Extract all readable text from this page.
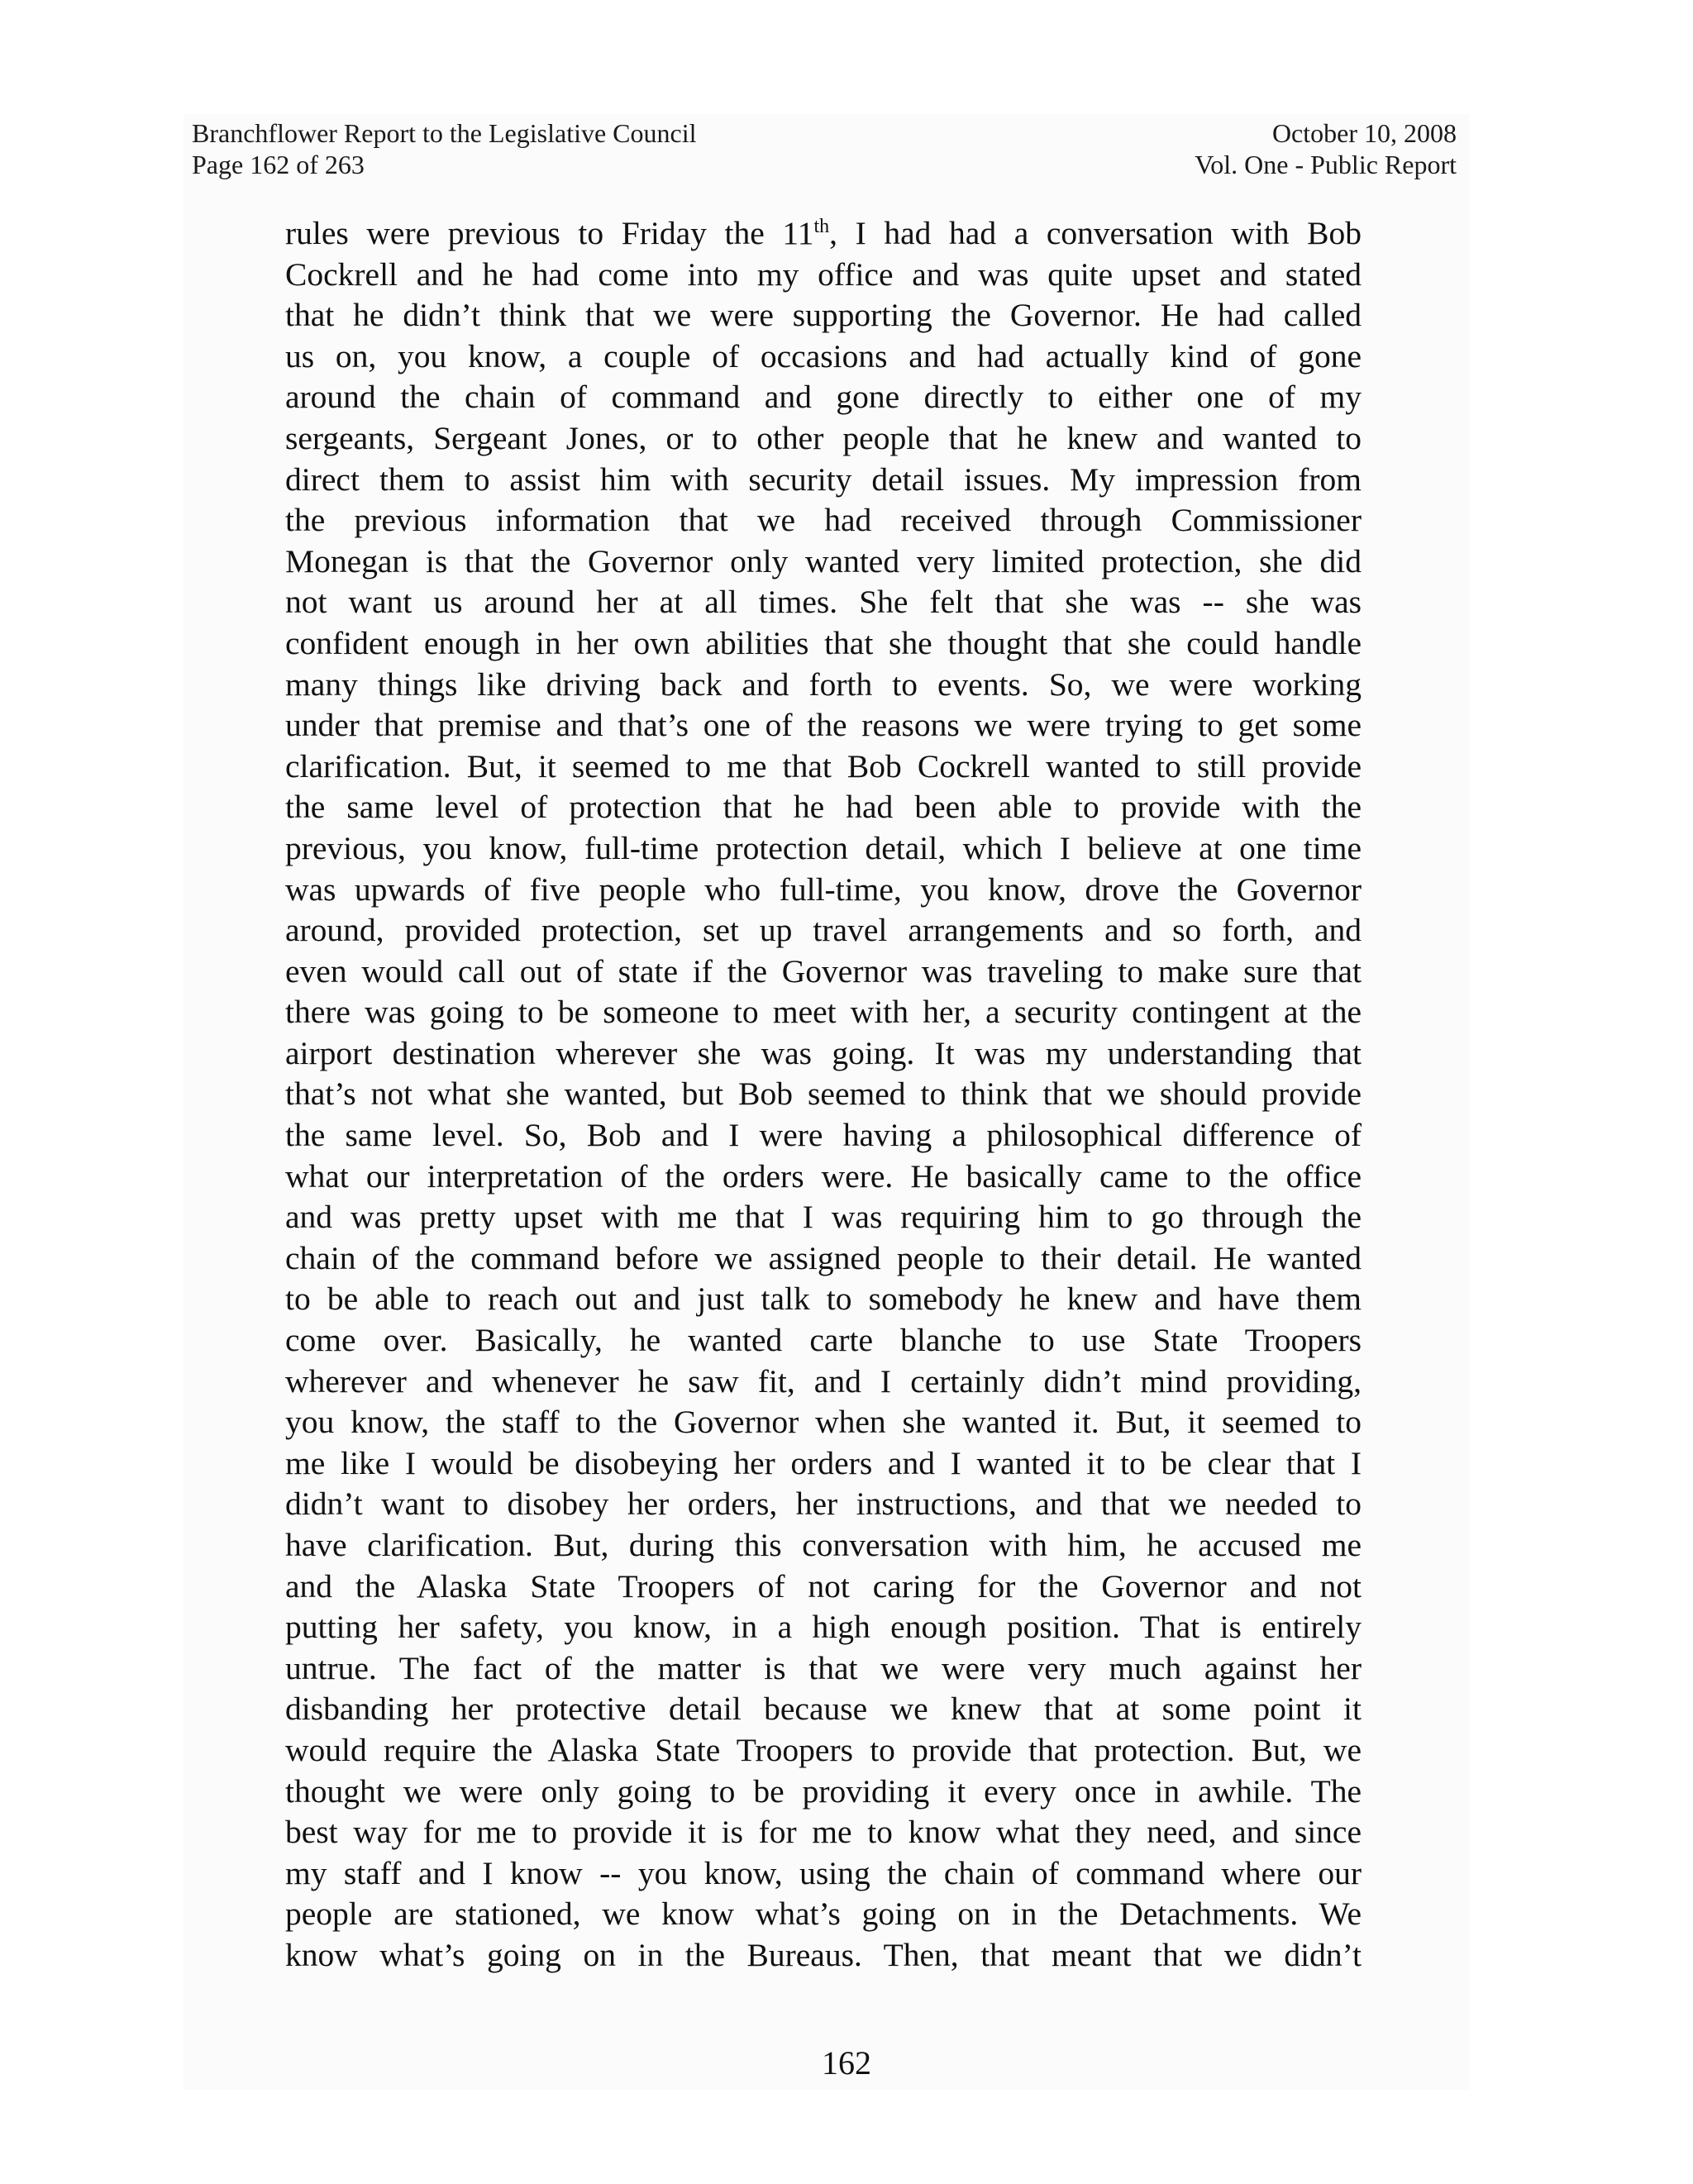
Branchflower Report to the Legislative Council
Page 162 of 263
October 10, 2008
Vol. One - Public Report
rules were previous to Friday the 11th, I had had a conversation with Bob
Cockrell and he had come into my office and was quite upset and stated
that he didn’t think that we were supporting the Governor. He had called
us on, you know, a couple of occasions and had actually kind of gone
around the chain of command and gone directly to either one of my
sergeants, Sergeant Jones, or to other people that he knew and wanted to
direct them to assist him with security detail issues. My impression from
the previous information that we had received through Commissioner
Monegan is that the Governor only wanted very limited protection, she did
not want us around her at all times. She felt that she was -- she was
confident enough in her own abilities that she thought that she could handle
many things like driving back and forth to events. So, we were working
under that premise and that’s one of the reasons we were trying to get some
clarification. But, it seemed to me that Bob Cockrell wanted to still provide
the same level of protection that he had been able to provide with the
previous, you know, full-time protection detail, which I believe at one time
was upwards of five people who full-time, you know, drove the Governor
around, provided protection, set up travel arrangements and so forth, and
even would call out of state if the Governor was traveling to make sure that
there was going to be someone to meet with her, a security contingent at the
airport destination wherever she was going. It was my understanding that
that’s not what she wanted, but Bob seemed to think that we should provide
the same level. So, Bob and I were having a philosophical difference of
what our interpretation of the orders were. He basically came to the office
and was pretty upset with me that I was requiring him to go through the
chain of the command before we assigned people to their detail. He wanted
to be able to reach out and just talk to somebody he knew and have them
come over. Basically, he wanted carte blanche to use State Troopers
wherever and whenever he saw fit, and I certainly didn’t mind providing,
you know, the staff to the Governor when she wanted it. But, it seemed to
me like I would be disobeying her orders and I wanted it to be clear that I
didn’t want to disobey her orders, her instructions, and that we needed to
have clarification. But, during this conversation with him, he accused me
and the Alaska State Troopers of not caring for the Governor and not
putting her safety, you know, in a high enough position. That is entirely
untrue. The fact of the matter is that we were very much against her
disbanding her protective detail because we knew that at some point it
would require the Alaska State Troopers to provide that protection. But, we
thought we were only going to be providing it every once in awhile. The
best way for me to provide it is for me to know what they need, and since
my staff and I know -- you know, using the chain of command where our
people are stationed, we know what’s going on in the Detachments. We
know what’s going on in the Bureaus. Then, that meant that we didn’t
162
